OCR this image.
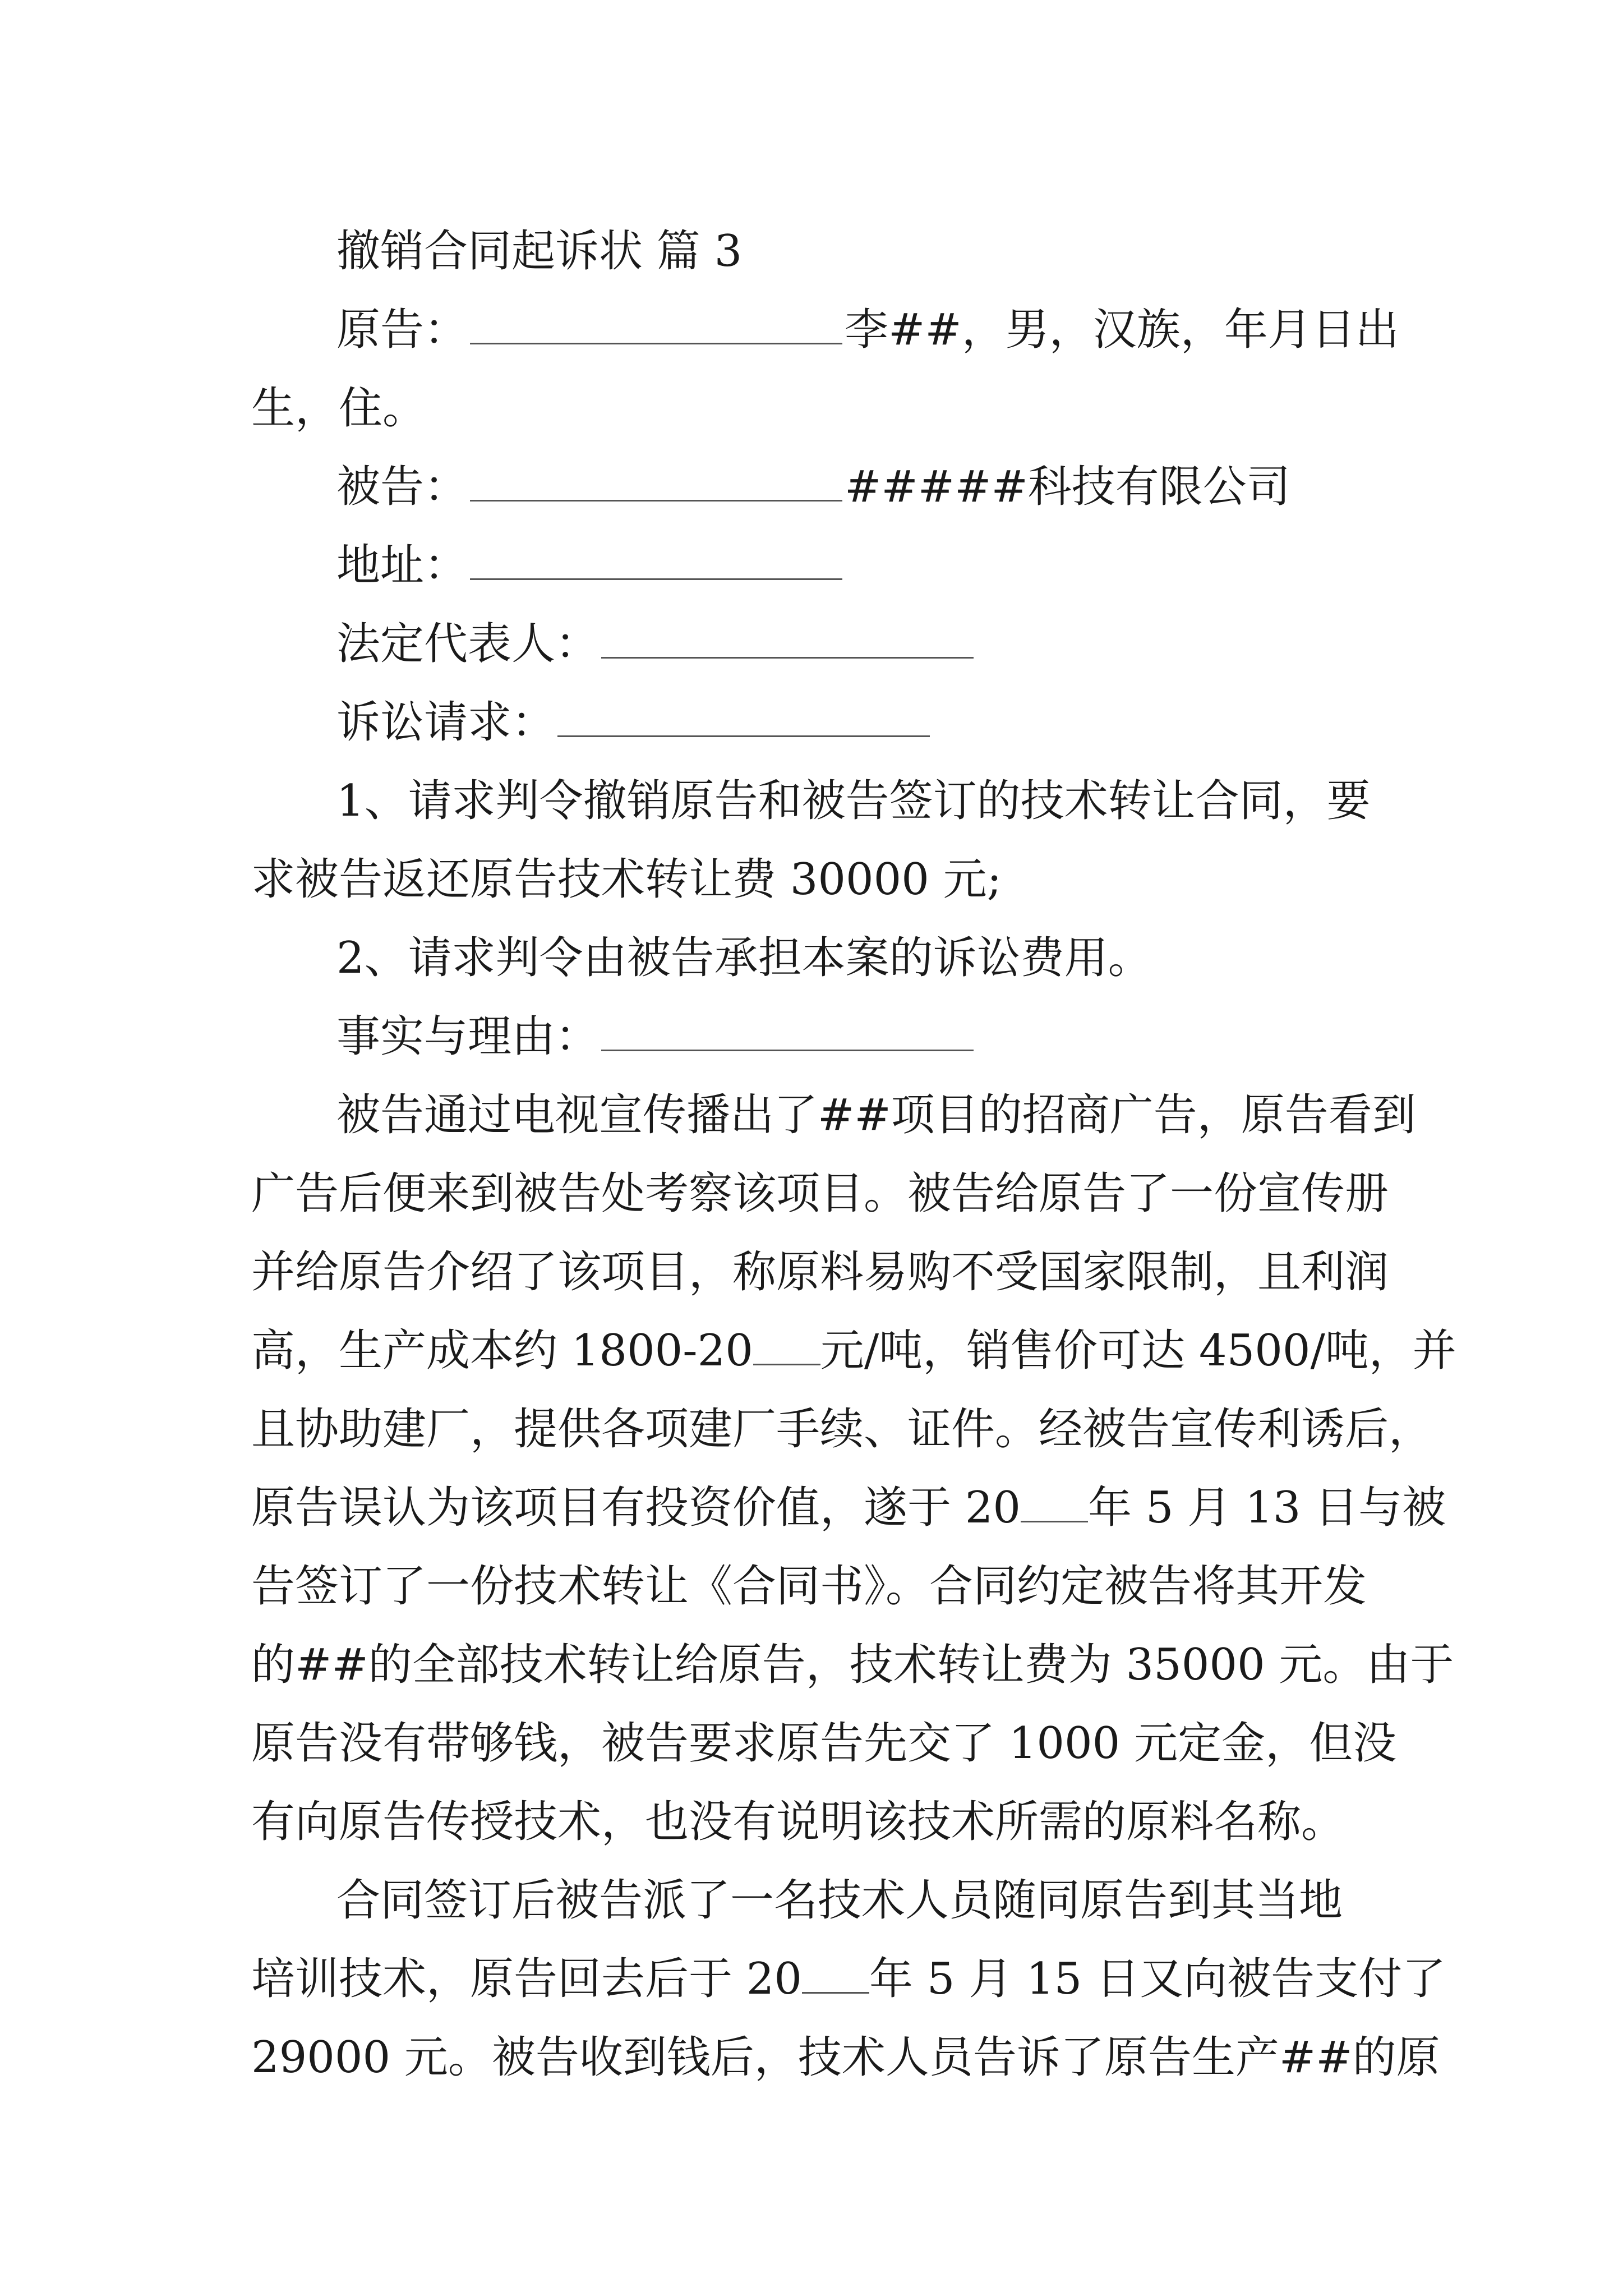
撤销合同起诉状 篇 3
原告：	李##，男，汉族，年月日出
生，住。
被告：	#####科技有限公司
地址：
法定代表人：
诉讼请求：
1、请求判令撤销原告和被告签订的技术转让合同，要
求被告返还原告技术转让费 30000 元;
2、请求判令由被告承担本案的诉讼费用。
事实与理由：
被告通过电视宣传播出了##项目的招商广告，原告看到
广告后便来到被告处考察该项目。被告给原告了一份宣传册
并给原告介绍了该项目，称原料易购不受国家限制，且利润
高，生产成本约 1800-20 元/吨，销售价可达 4500/吨，并
且协助建厂，提供各项建厂手续、证件。经被告宣传利诱后，
原告误认为该项目有投资价值，遂于 20 年 5 月 13 日与被
告签订了一份技术转让《合同书》。合同约定被告将其开发
的##的全部技术转让给原告，技术转让费为 35000 元。由于
原告没有带够钱，被告要求原告先交了 1000 元定金，但没
有向原告传授技术，也没有说明该技术所需的原料名称。
合同签订后被告派了一名技术人员随同原告到其当地
培训技术，原告回去后于 20 年 5 月 15 日又向被告支付了
29000 元。被告收到钱后，技术人员告诉了原告生产##的原
